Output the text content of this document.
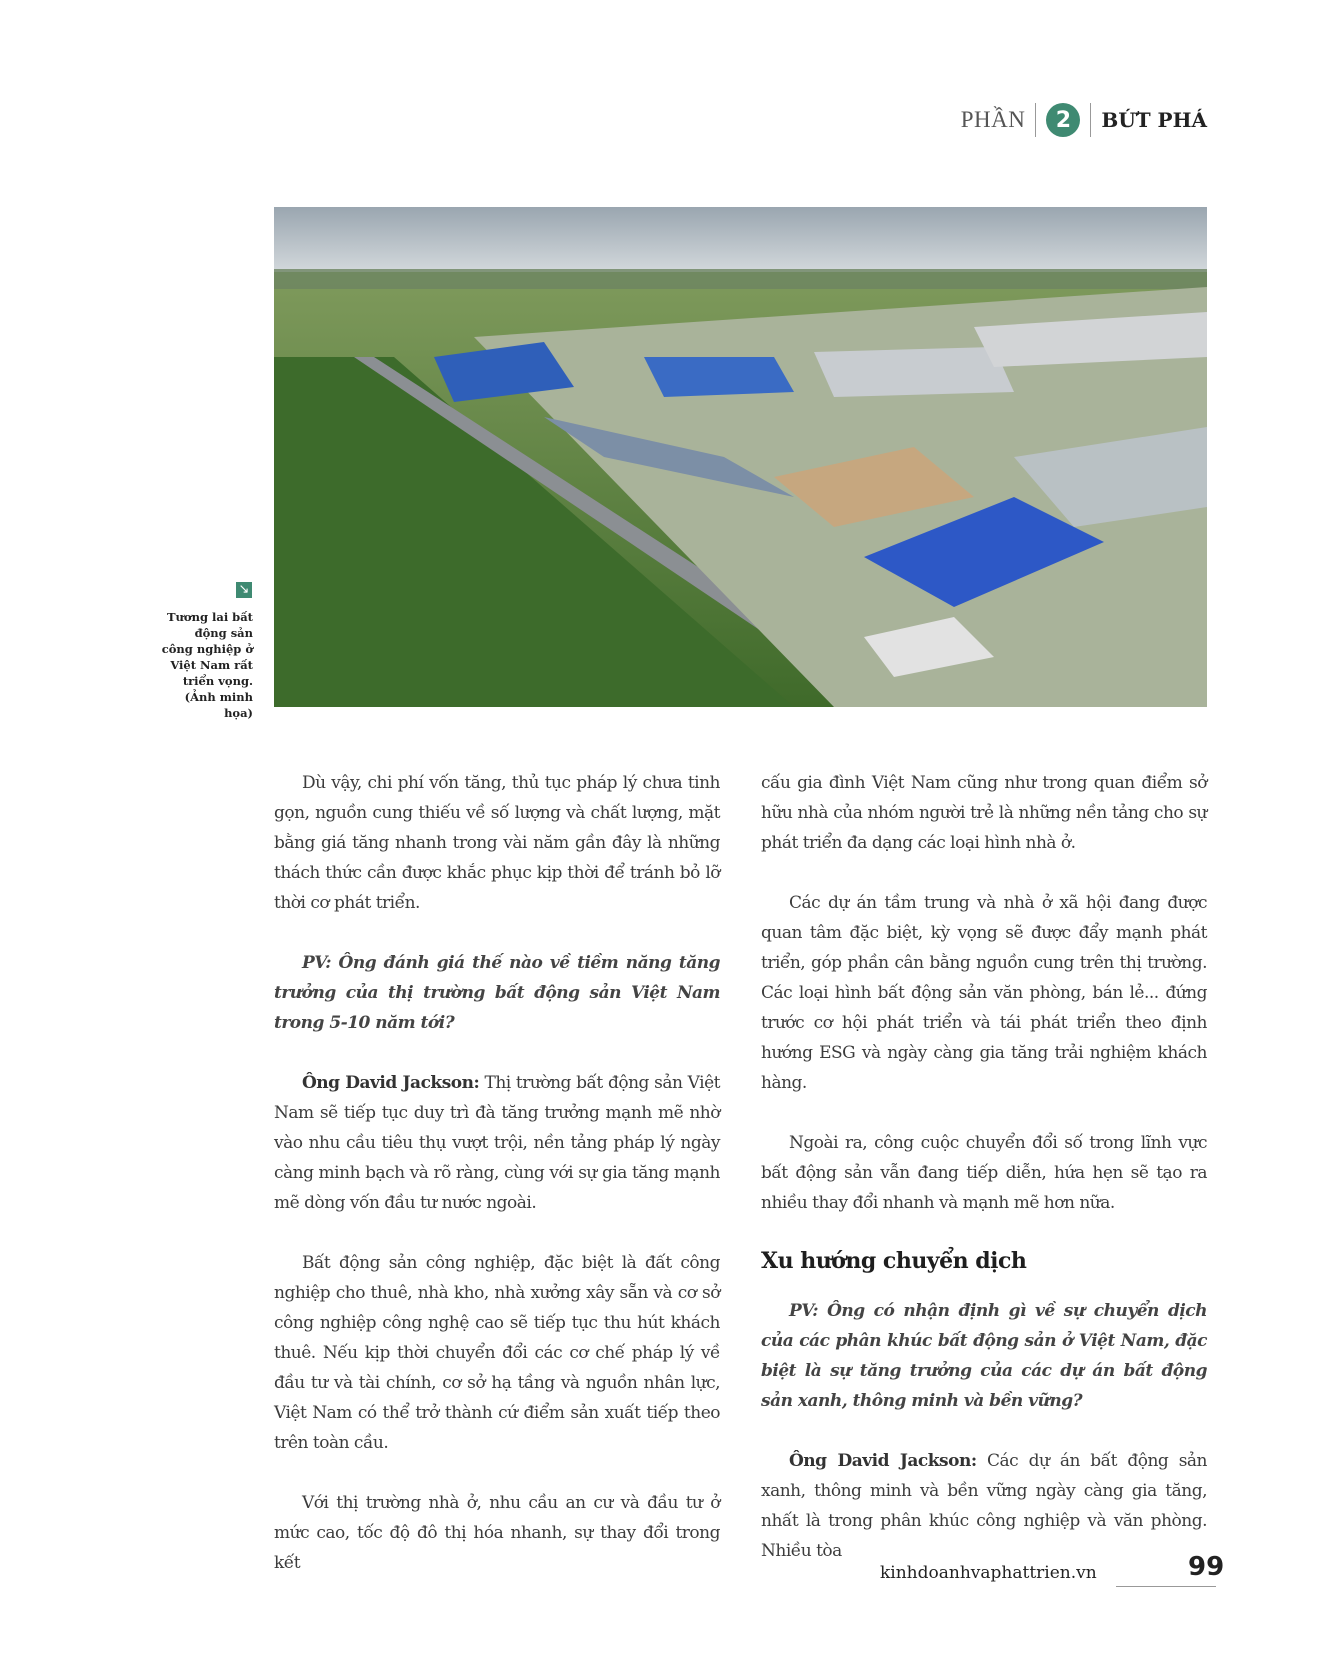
PHẦN	2	BỨT PHÁ
↘
Tương lai bất động sản công nghiệp ở Việt Nam rất triển vọng. (Ảnh minh họa)

Dù vậy, chi phí vốn tăng, thủ tục pháp lý chưa tinh gọn, nguồn cung thiếu về số lượng và chất lượng, mặt bằng giá tăng nhanh trong vài năm gần đây là những thách thức cần được khắc phục kịp thời để tránh bỏ lỡ thời cơ phát triển.

PV: Ông đánh giá thế nào về tiềm năng tăng trưởng của thị trường bất động sản Việt Nam trong 5-10 năm tới?

Ông David Jackson: Thị trường bất động sản Việt Nam sẽ tiếp tục duy trì đà tăng trưởng mạnh mẽ nhờ vào nhu cầu tiêu thụ vượt trội, nền tảng pháp lý ngày càng minh bạch và rõ ràng, cùng với sự gia tăng mạnh mẽ dòng vốn đầu tư nước ngoài.

Bất động sản công nghiệp, đặc biệt là đất công nghiệp cho thuê, nhà kho, nhà xưởng xây sẵn và cơ sở công nghiệp công nghệ cao sẽ tiếp tục thu hút khách thuê. Nếu kịp thời chuyển đổi các cơ chế pháp lý về đầu tư và tài chính, cơ sở hạ tầng và nguồn nhân lực, Việt Nam có thể trở thành cứ điểm sản xuất tiếp theo trên toàn cầu.

Với thị trường nhà ở, nhu cầu an cư và đầu tư ở mức cao, tốc độ đô thị hóa nhanh, sự thay đổi trong kết

cấu gia đình Việt Nam cũng như trong quan điểm sở hữu nhà của nhóm người trẻ là những nền tảng cho sự phát triển đa dạng các loại hình nhà ở.

Các dự án tầm trung và nhà ở xã hội đang được quan tâm đặc biệt, kỳ vọng sẽ được đẩy mạnh phát triển, góp phần cân bằng nguồn cung trên thị trường. Các loại hình bất động sản văn phòng, bán lẻ... đứng trước cơ hội phát triển và tái phát triển theo định hướng ESG và ngày càng gia tăng trải nghiệm khách hàng.

Ngoài ra, công cuộc chuyển đổi số trong lĩnh vực bất động sản vẫn đang tiếp diễn, hứa hẹn sẽ tạo ra nhiều thay đổi nhanh và mạnh mẽ hơn nữa.

Xu hướng chuyển dịch

PV: Ông có nhận định gì về sự chuyển dịch của các phân khúc bất động sản ở Việt Nam, đặc biệt là sự tăng trưởng của các dự án bất động sản xanh, thông minh và bền vững?

Ông David Jackson: Các dự án bất động sản xanh, thông minh và bền vững ngày càng gia tăng, nhất là trong phân khúc công nghiệp và văn phòng. Nhiều tòa

kinhdoanhvaphattrien.vn	99
